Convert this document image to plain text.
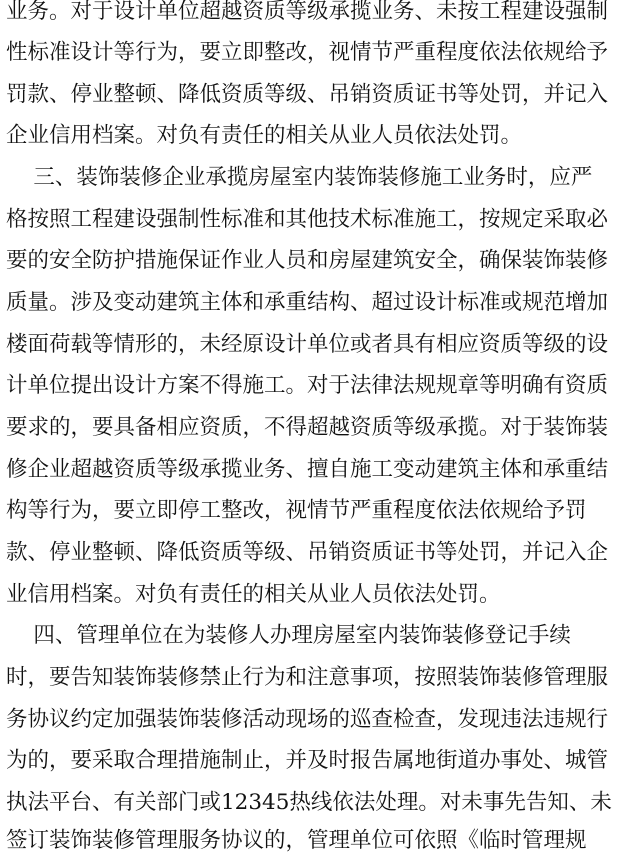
业务。对于设计单位超越资质等级承揽业务、未按工程建设强制
性标准设计等行为，要立即整改，视情节严重程度依法依规给予
罚款、停业整顿、降低资质等级、吊销资质证书等处罚，并记入
企业信用档案。对负有责任的相关从业人员依法处罚。
三、装饰装修企业承揽房屋室内装饰装修施工业务时，应严
格按照工程建设强制性标准和其他技术标准施工，按规定采取必
要的安全防护措施保证作业人员和房屋建筑安全，确保装饰装修
质量。涉及变动建筑主体和承重结构、超过设计标准或规范增加
楼面荷载等情形的，未经原设计单位或者具有相应资质等级的设
计单位提出设计方案不得施工。对于法律法规规章等明确有资质
要求的，要具备相应资质，不得超越资质等级承揽。对于装饰装
修企业超越资质等级承揽业务、擅自施工变动建筑主体和承重结
构等行为，要立即停工整改，视情节严重程度依法依规给予罚
款、停业整顿、降低资质等级、吊销资质证书等处罚，并记入企
业信用档案。对负有责任的相关从业人员依法处罚。
四、管理单位在为装修人办理房屋室内装饰装修登记手续
时，要告知装饰装修禁止行为和注意事项，按照装饰装修管理服
务协议约定加强装饰装修活动现场的巡查检查，发现违法违规行
为的，要采取合理措施制止，并及时报告属地街道办事处、城管
执法平台、有关部门或12345热线依法处理。对未事先告知、未
签订装饰装修管理服务协议的，管理单位可依照《临时管理规
